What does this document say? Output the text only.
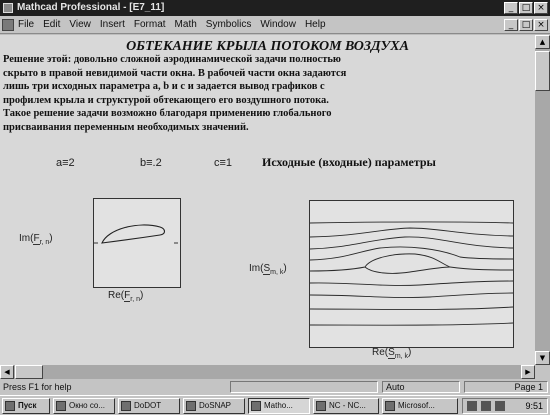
Mathcad Professional - [E7_11]	_ □ ×
File Edit View Insert Format Math Symbolics Window Help	_ □ ×
ОБТЕКАНИЕ КРЫЛА ПОТОКОМ ВОЗДУХА
Решение этой: довольно сложной аэродинамической задачи полностью
скрыто в правой невидимой части окна. В рабочей части окна задаются
лишь три исходных параметра а, b и с и задается вывод графиков с
профилем крыла и структурой обтекающего его воздушного потока.
Такое решение задачи возможно благодаря применению глобального
присваивания переменным необходимых значений.
a≡2	b≡.2	c≡1 Исходные (входные) параметры
$Im(F_{r, n})$
$Re(F_{r, n})$
$Im(S_{m, k})$
$Re(S_{m, k})$
▲
▼
◀	▶
Press F1 for help	Auto	Page 1
Пуск	Окно со...	DoDOT	DoSNAP	Matho...	NC - NC...	Microsof...	9:51
